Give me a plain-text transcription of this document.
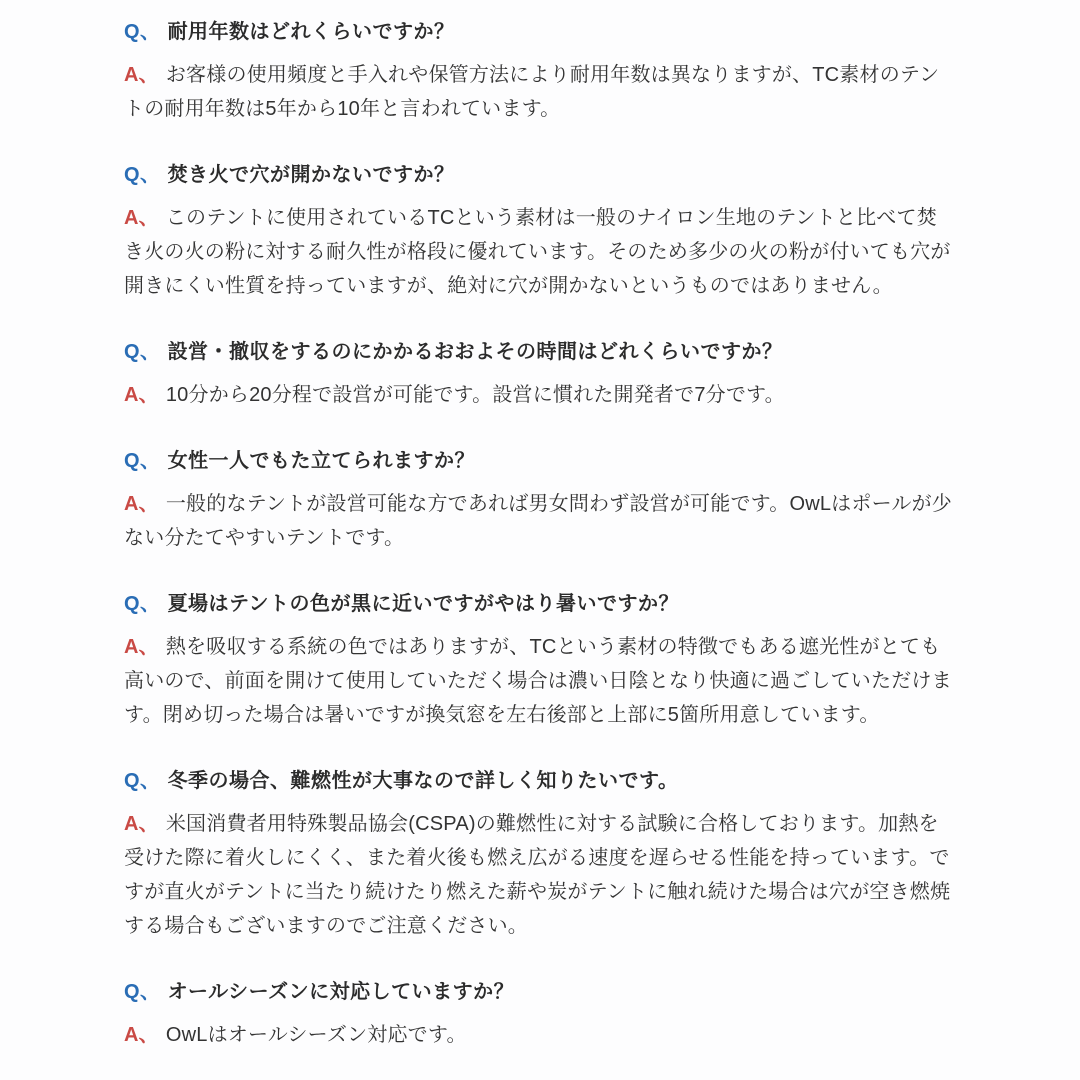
Q、 耐用年数はどれくらいですか？

A、 お客様の使用頻度と手入れや保管方法により耐用年数は異なりますが、TC素材のテントの耐用年数は5年から10年と言われています。

Q、 焚き火で穴が開かないですか？

A、 このテントに使用されているTCという素材は一般のナイロン生地のテントと比べて焚き火の火の粉に対する耐久性が格段に優れています。そのため多少の火の粉が付いても穴が開きにくい性質を持っていますが、絶対に穴が開かないというものではありません。

Q、 設営・撤収をするのにかかるおおよその時間はどれくらいですか？

A、 10分から20分程で設営が可能です。設営に慣れた開発者で7分です。

Q、 女性一人でもた立てられますか？

A、 一般的なテントが設営可能な方であれば男女問わず設営が可能です。OwLはポールが少ない分たてやすいテントです。

Q、 夏場はテントの色が黒に近いですがやはり暑いですか？

A、 熱を吸収する系統の色ではありますが、TCという素材の特徴でもある遮光性がとても高いので、前面を開けて使用していただく場合は濃い日陰となり快適に過ごしていただけます。閉め切った場合は暑いですが換気窓を左右後部と上部に5箇所用意しています。

Q、 冬季の場合、難燃性が大事なので詳しく知りたいです。

A、 米国消費者用特殊製品協会(CSPA)の難燃性に対する試験に合格しております。加熱を受けた際に着火しにくく、また着火後も燃え広がる速度を遅らせる性能を持っています。ですが直火がテントに当たり続けたり燃えた薪や炭がテントに触れ続けた場合は穴が空き燃焼する場合もございますのでご注意ください。

Q、 オールシーズンに対応していますか？

A、 OwLはオールシーズン対応です。
